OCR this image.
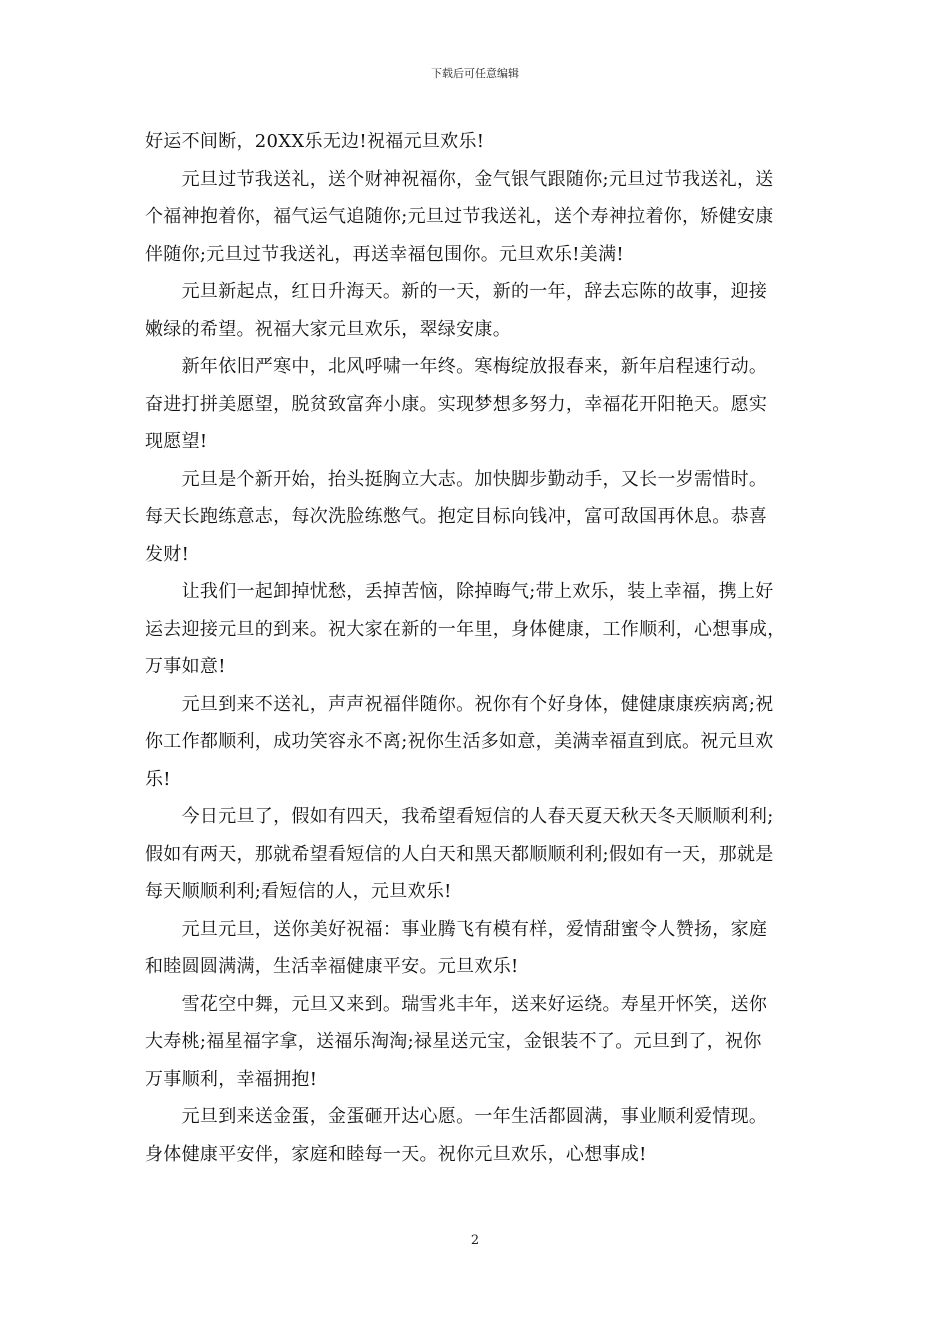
下载后可任意编辑
好运不间断，20XX乐无边!祝福元旦欢乐!
　　元旦过节我送礼，送个财神祝福你，金气银气跟随你;元旦过节我送礼，送
个福神抱着你，福气运气追随你;元旦过节我送礼，送个寿神拉着你，矫健安康
伴随你;元旦过节我送礼，再送幸福包围你。元旦欢乐!美满!
　　元旦新起点，红日升海天。新的一天，新的一年，辞去忘陈的故事，迎接
嫩绿的希望。祝福大家元旦欢乐，翠绿安康。
　　新年依旧严寒中，北风呼啸一年终。寒梅绽放报春来，新年启程速行动。
奋进打拼美愿望，脱贫致富奔小康。实现梦想多努力，幸福花开阳艳天。愿实
现愿望!
　　元旦是个新开始，抬头挺胸立大志。加快脚步勤动手，又长一岁需惜时。
每天长跑练意志，每次洗脸练憋气。抱定目标向钱冲，富可敌国再休息。恭喜
发财!
　　让我们一起卸掉忧愁，丢掉苦恼，除掉晦气;带上欢乐，装上幸福，携上好
运去迎接元旦的到来。祝大家在新的一年里，身体健康，工作顺利，心想事成，
万事如意!
　　元旦到来不送礼，声声祝福伴随你。祝你有个好身体，健健康康疾病离;祝
你工作都顺利，成功笑容永不离;祝你生活多如意，美满幸福直到底。祝元旦欢
乐!
　　今日元旦了，假如有四天，我希望看短信的人春天夏天秋天冬天顺顺利利;
假如有两天，那就希望看短信的人白天和黑天都顺顺利利;假如有一天，那就是
每天顺顺利利;看短信的人，元旦欢乐!
　　元旦元旦，送你美好祝福：事业腾飞有模有样，爱情甜蜜令人赞扬，家庭
和睦圆圆满满，生活幸福健康平安。元旦欢乐!
　　雪花空中舞，元旦又来到。瑞雪兆丰年，送来好运绕。寿星开怀笑，送你
大寿桃;福星福字拿，送福乐淘淘;禄星送元宝，金银装不了。元旦到了，祝你
万事顺利，幸福拥抱!
　　元旦到来送金蛋，金蛋砸开达心愿。一年生活都圆满，事业顺利爱情现。
身体健康平安伴，家庭和睦每一天。祝你元旦欢乐，心想事成!
2
